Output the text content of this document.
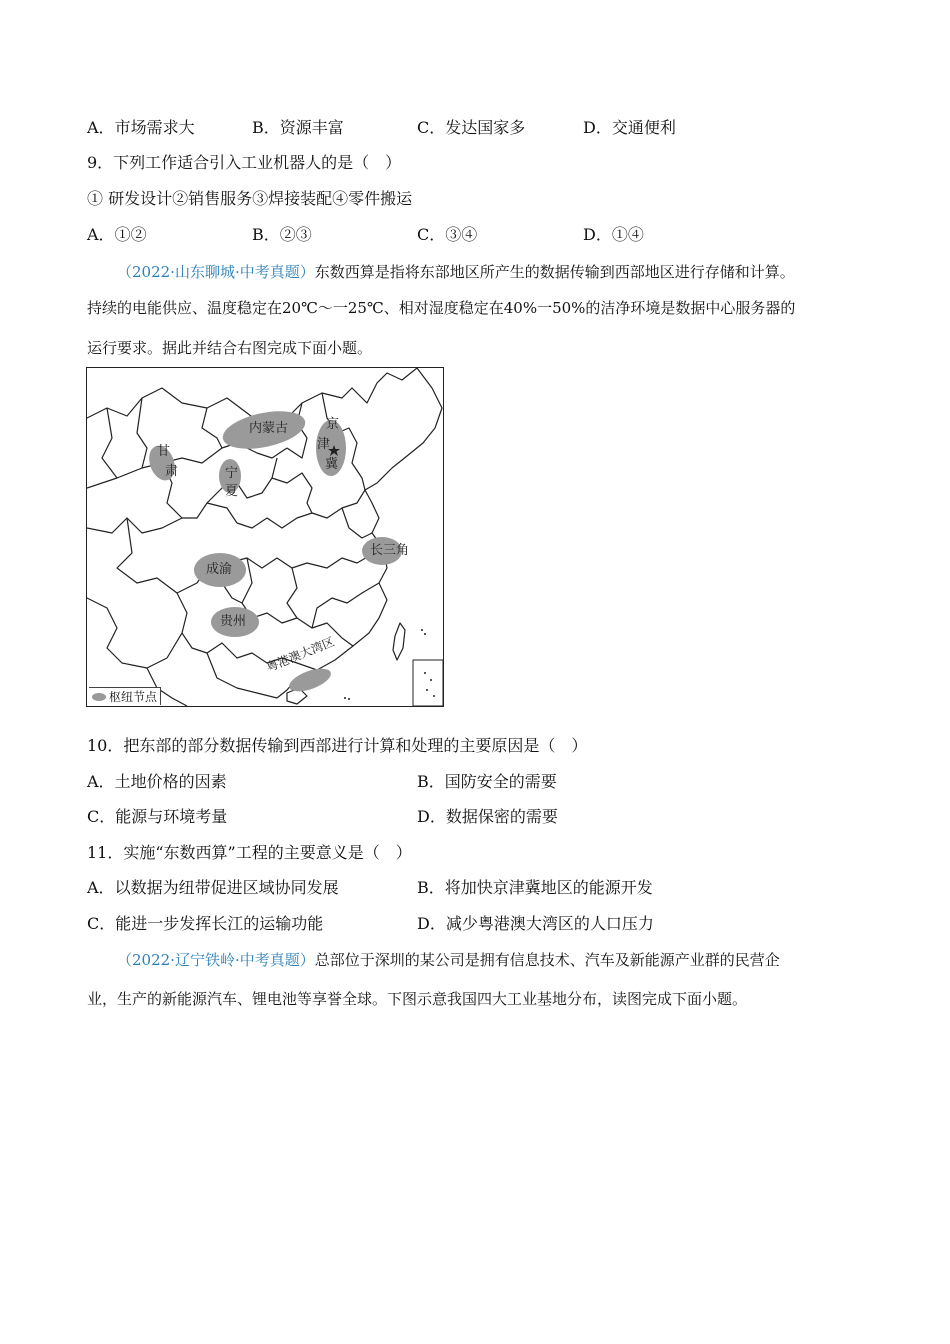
A．市场需求大	B．资源丰富	C．发达国家多	D．交通便利
9．下列工作适合引入工业机器人的是（　）
① 研发设计②销售服务③焊接装配④零件搬运
A．①②	B．②③	C．③④	D．①④
（2022·山东聊城·中考真题）东数西算是指将东部地区所产生的数据传输到西部地区进行存储和计算。
持续的电能供应、温度稳定在20℃～一25℃、相对湿度稳定在40%一50%的洁净环境是数据中心服务器的
运行要求。据此并结合右图完成下面小题。
内蒙古	京
津
冀
甘
肃	宁
夏
长三角
成渝
贵州
粤港澳大湾区
枢纽节点
10．把东部的部分数据传输到西部进行计算和处理的主要原因是（　）
A．土地价格的因素	B．国防安全的需要
C．能源与环境考量	D．数据保密的需要
11．实施“东数西算”工程的主要意义是（　）
A．以数据为纽带促进区域协同发展	B．将加快京津冀地区的能源开发
C．能进一步发挥长江的运输功能	D．减少粤港澳大湾区的人口压力
（2022·辽宁铁岭·中考真题）总部位于深圳的某公司是拥有信息技术、汽车及新能源产业群的民营企
业，生产的新能源汽车、锂电池等享誉全球。下图示意我国四大工业基地分布，读图完成下面小题。
